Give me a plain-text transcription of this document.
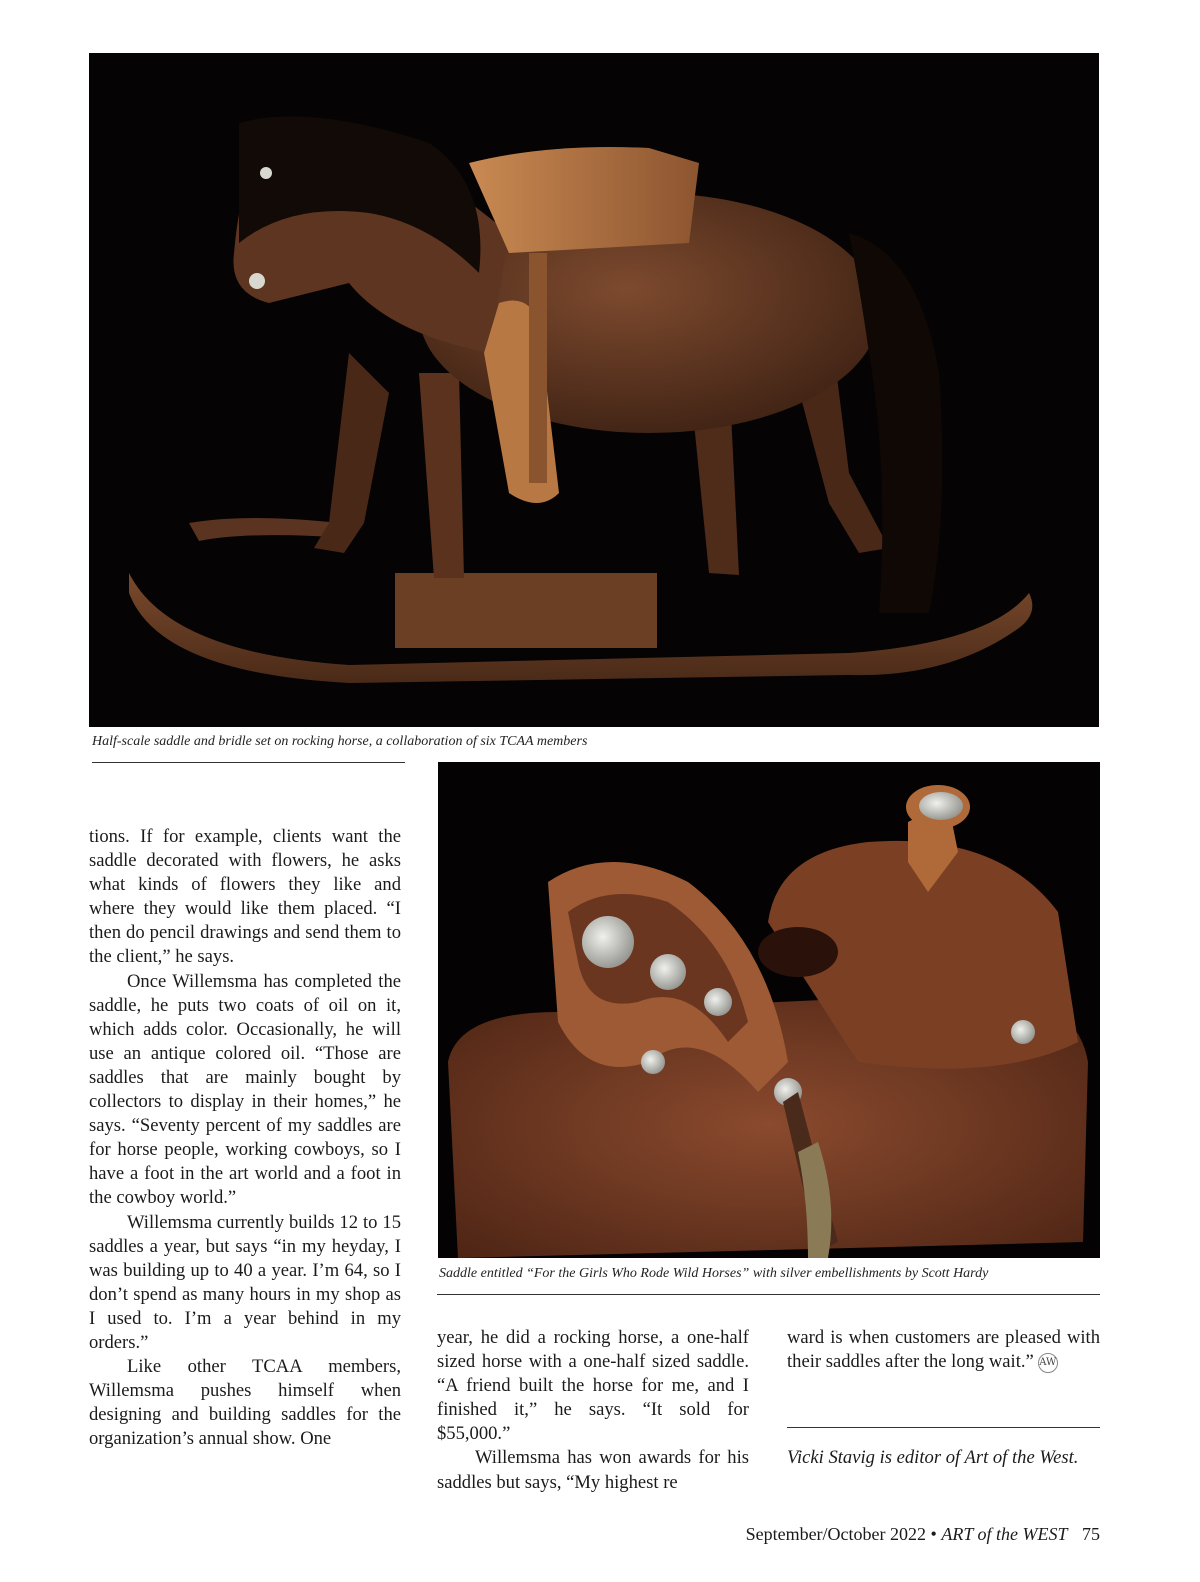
Half-scale saddle and bridle set on rocking horse, a collaboration of six TCAA members
Saddle entitled “For the Girls Who Rode Wild Horses” with silver embellishments by Scott Hardy

tions. If for example, clients want the saddle decorated with flowers, he asks what kinds of flowers they like and where they would like them placed. “I then do pencil drawings and send them to the client,” he says.

Once Willemsma has completed the saddle, he puts two coats of oil on it, which adds color. Occasionally, he will use an antique colored oil. “Those are saddles that are mainly bought by collectors to display in their homes,” he says. “Seventy percent of my saddles are for horse people, working cowboys, so I have a foot in the art world and a foot in the cowboy world.”

Willemsma currently builds 12 to 15 saddles a year, but says “in my heyday, I was building up to 40 a year. I’m 64, so I don’t spend as many hours in my shop as I used to. I’m a year behind in my orders.”

Like other TCAA members, Willemsma pushes himself when designing and building saddles for the organization’s annual show. One

year, he did a rocking horse, a one-half sized horse with a one-half sized saddle. “A friend built the horse for me, and I finished it,” he says. “It sold for $55,000.”

Willemsma has won awards for his saddles but says, “My highest re

ward is when customers are pleased with their saddles after the long wait.” AW

Vicki Stavig is editor of Art of the West.
September/October 2022 • ART of the WEST 75
